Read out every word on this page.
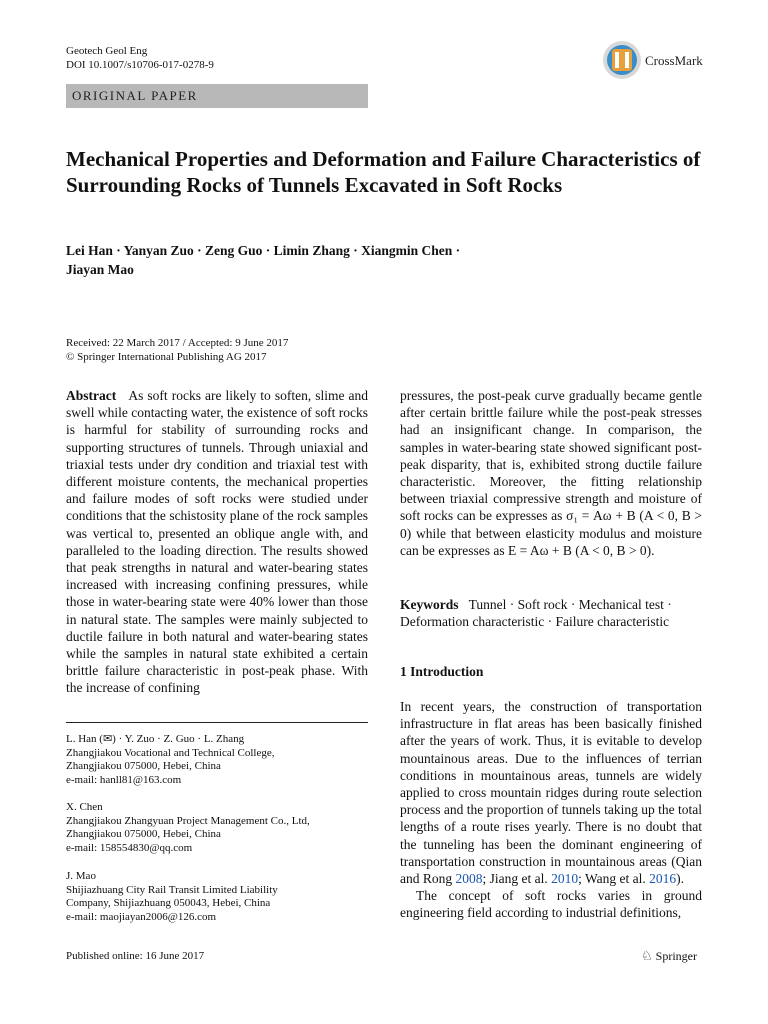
Geotech Geol Eng
DOI 10.1007/s10706-017-0278-9	CrossMark
ORIGINAL PAPER
Mechanical Properties and Deformation and Failure Characteristics of Surrounding Rocks of Tunnels Excavated in Soft Rocks
Lei Han · Yanyan Zuo · Zeng Guo · Limin Zhang · Xiangmin Chen ·
Jiayan Mao
Received: 22 March 2017 / Accepted: 9 June 2017
© Springer International Publishing AG 2017

Abstract As soft rocks are likely to soften, slime and swell while contacting water, the existence of soft rocks is harmful for stability of surrounding rocks and supporting structures of tunnels. Through uniaxial and triaxial tests under dry condition and triaxial test with different moisture contents, the mechanical properties and failure modes of soft rocks were studied under conditions that the schistosity plane of the rock samples was vertical to, presented an oblique angle with, and paralleled to the loading direction. The results showed that peak strengths in natural and water-bearing states increased with increasing confining pressures, while those in water-bearing state were 40% lower than those in natural state. The samples were mainly subjected to ductile failure in both natural and water-bearing states while the samples in natural state exhibited a certain brittle failure characteristic in post-peak phase. With the increase of confining

pressures, the post-peak curve gradually became gentle after certain brittle failure while the post-peak stresses had an insignificant change. In comparison, the samples in water-bearing state showed significant post-peak disparity, that is, exhibited strong ductile failure characteristic. Moreover, the fitting relationship between triaxial compressive strength and moisture of soft rocks can be expresses as σ₁ = Aω + B (A < 0, B > 0) while that between elasticity modulus and moisture can be expresses as E = Aω + B (A < 0, B > 0).

Keywords Tunnel · Soft rock · Mechanical test · Deformation characteristic · Failure characteristic

1 Introduction

In recent years, the construction of transportation infrastructure in flat areas has been basically finished after the years of work. Thus, it is evitable to develop mountainous areas. Due to the influences of terrian conditions in mountainous areas, tunnels are widely applied to cross mountain ridges during route selection process and the proportion of tunnels taking up the total lengths of a route rises yearly. There is no doubt that the tunneling has been the dominant engineering of transportation construction in mountainous areas (Qian and Rong 2008; Jiang et al. 2010; Wang et al. 2016).

The concept of soft rocks varies in ground engineering field according to industrial definitions,

L. Han (✉) · Y. Zuo · Z. Guo · L. Zhang
Zhangjiakou Vocational and Technical College,
Zhangjiakou 075000, Hebei, China
e-mail: hanll81@163.com
X. Chen
Zhangjiakou Zhangyuan Project Management Co., Ltd,
Zhangjiakou 075000, Hebei, China
e-mail: 158554830@qq.com
J. Mao
Shijiazhuang City Rail Transit Limited Liability
Company, Shijiazhuang 050043, Hebei, China
e-mail: maojiayan2006@126.com
Published online: 16 June 2017	♘ Springer
